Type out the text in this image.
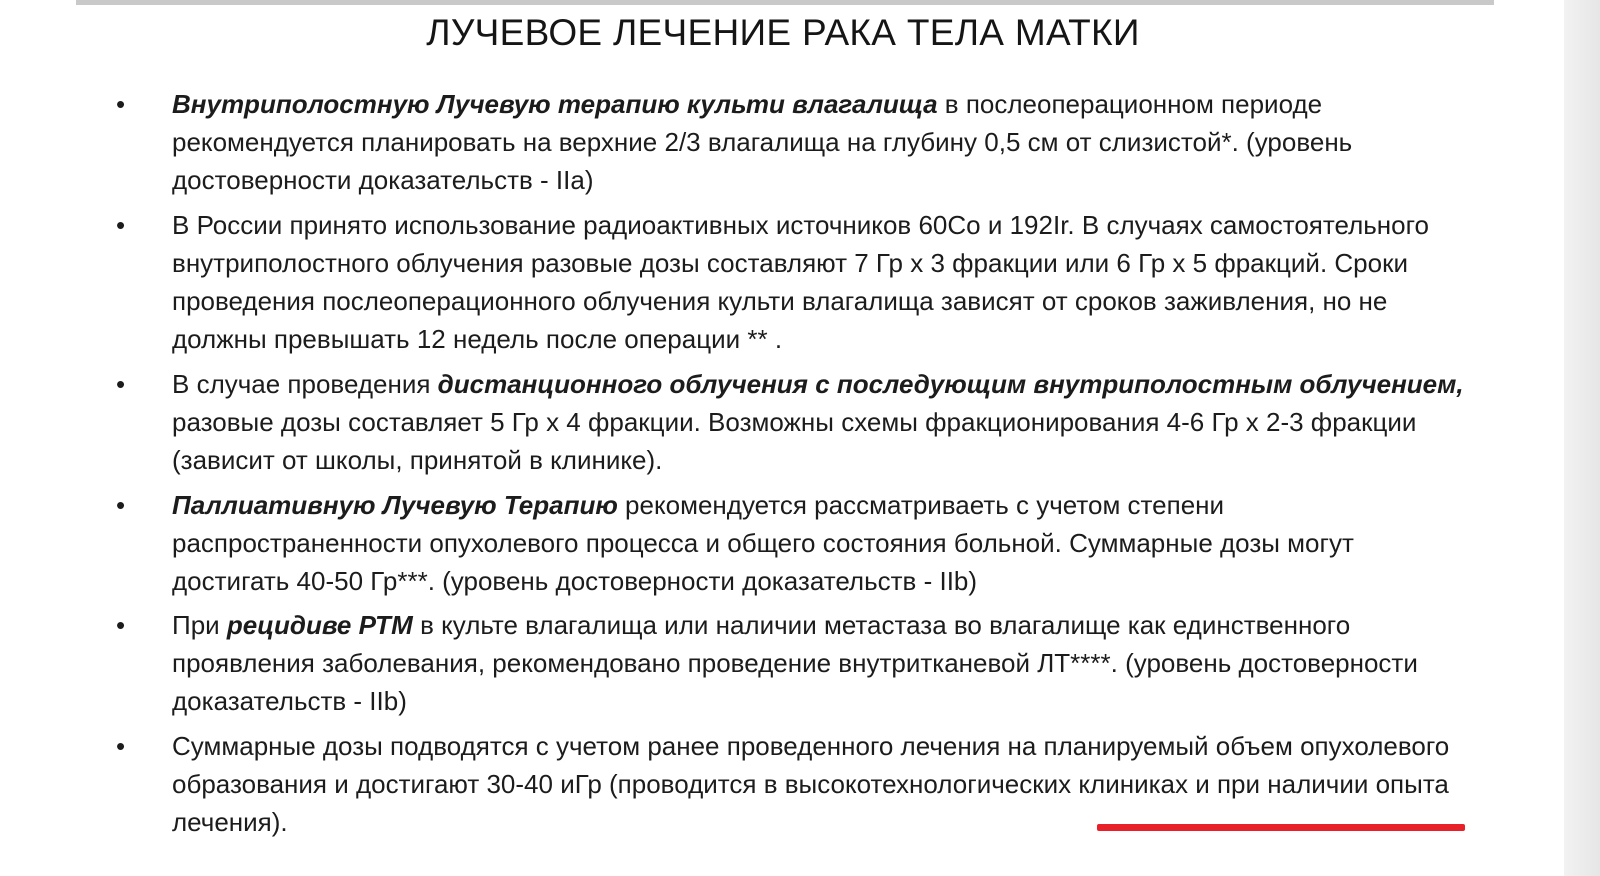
ЛУЧЕВОЕ ЛЕЧЕНИЕ РАКА ТЕЛА МАТКИ
• Внутриполостную Лучевую терапию культи влагалища в послеоперационном периоде рекомендуется планировать на верхние 2/3 влагалища на глубину 0,5 см от слизистой*. (уровень достоверности доказательств - IIa)
• В России принято использование радиоактивных источников 60Co и 192Ir. В случаях самостоятельного внутриполостного облучения разовые дозы составляют 7 Гр х 3 фракции или 6 Гр х 5 фракций. Сроки проведения послеоперационного облучения культи влагалища зависят от сроков заживления, но не должны превышать 12 недель после операции ** .
• В случае проведения дистанционного облучения с последующим внутриполостным облучением, разовые дозы составляет 5 Гр х 4 фракции. Возможны схемы фракционирования 4-6 Гр х 2-3 фракции (зависит от школы, принятой в клинике).
• Паллиативную Лучевую Терапию рекомендуется рассматриваеть с учетом степени распространенности опухолевого процесса и общего состояния больной. Суммарные дозы могут достигать 40-50 Гр***. (уровень достоверности доказательств - IIb)
• При рецидиве РТМ в культе влагалища или наличии метастаза во влагалище как единственного проявления заболевания, рекомендовано проведение внутритканевой ЛТ****. (уровень достоверности доказательств - IIb)
• Суммарные дозы подводятся с учетом ранее проведенного лечения на планируемый объем опухолевого образования и достигают 30-40 иГр (проводится в высокотехнологических клиниках и при наличии опыта лечения).
